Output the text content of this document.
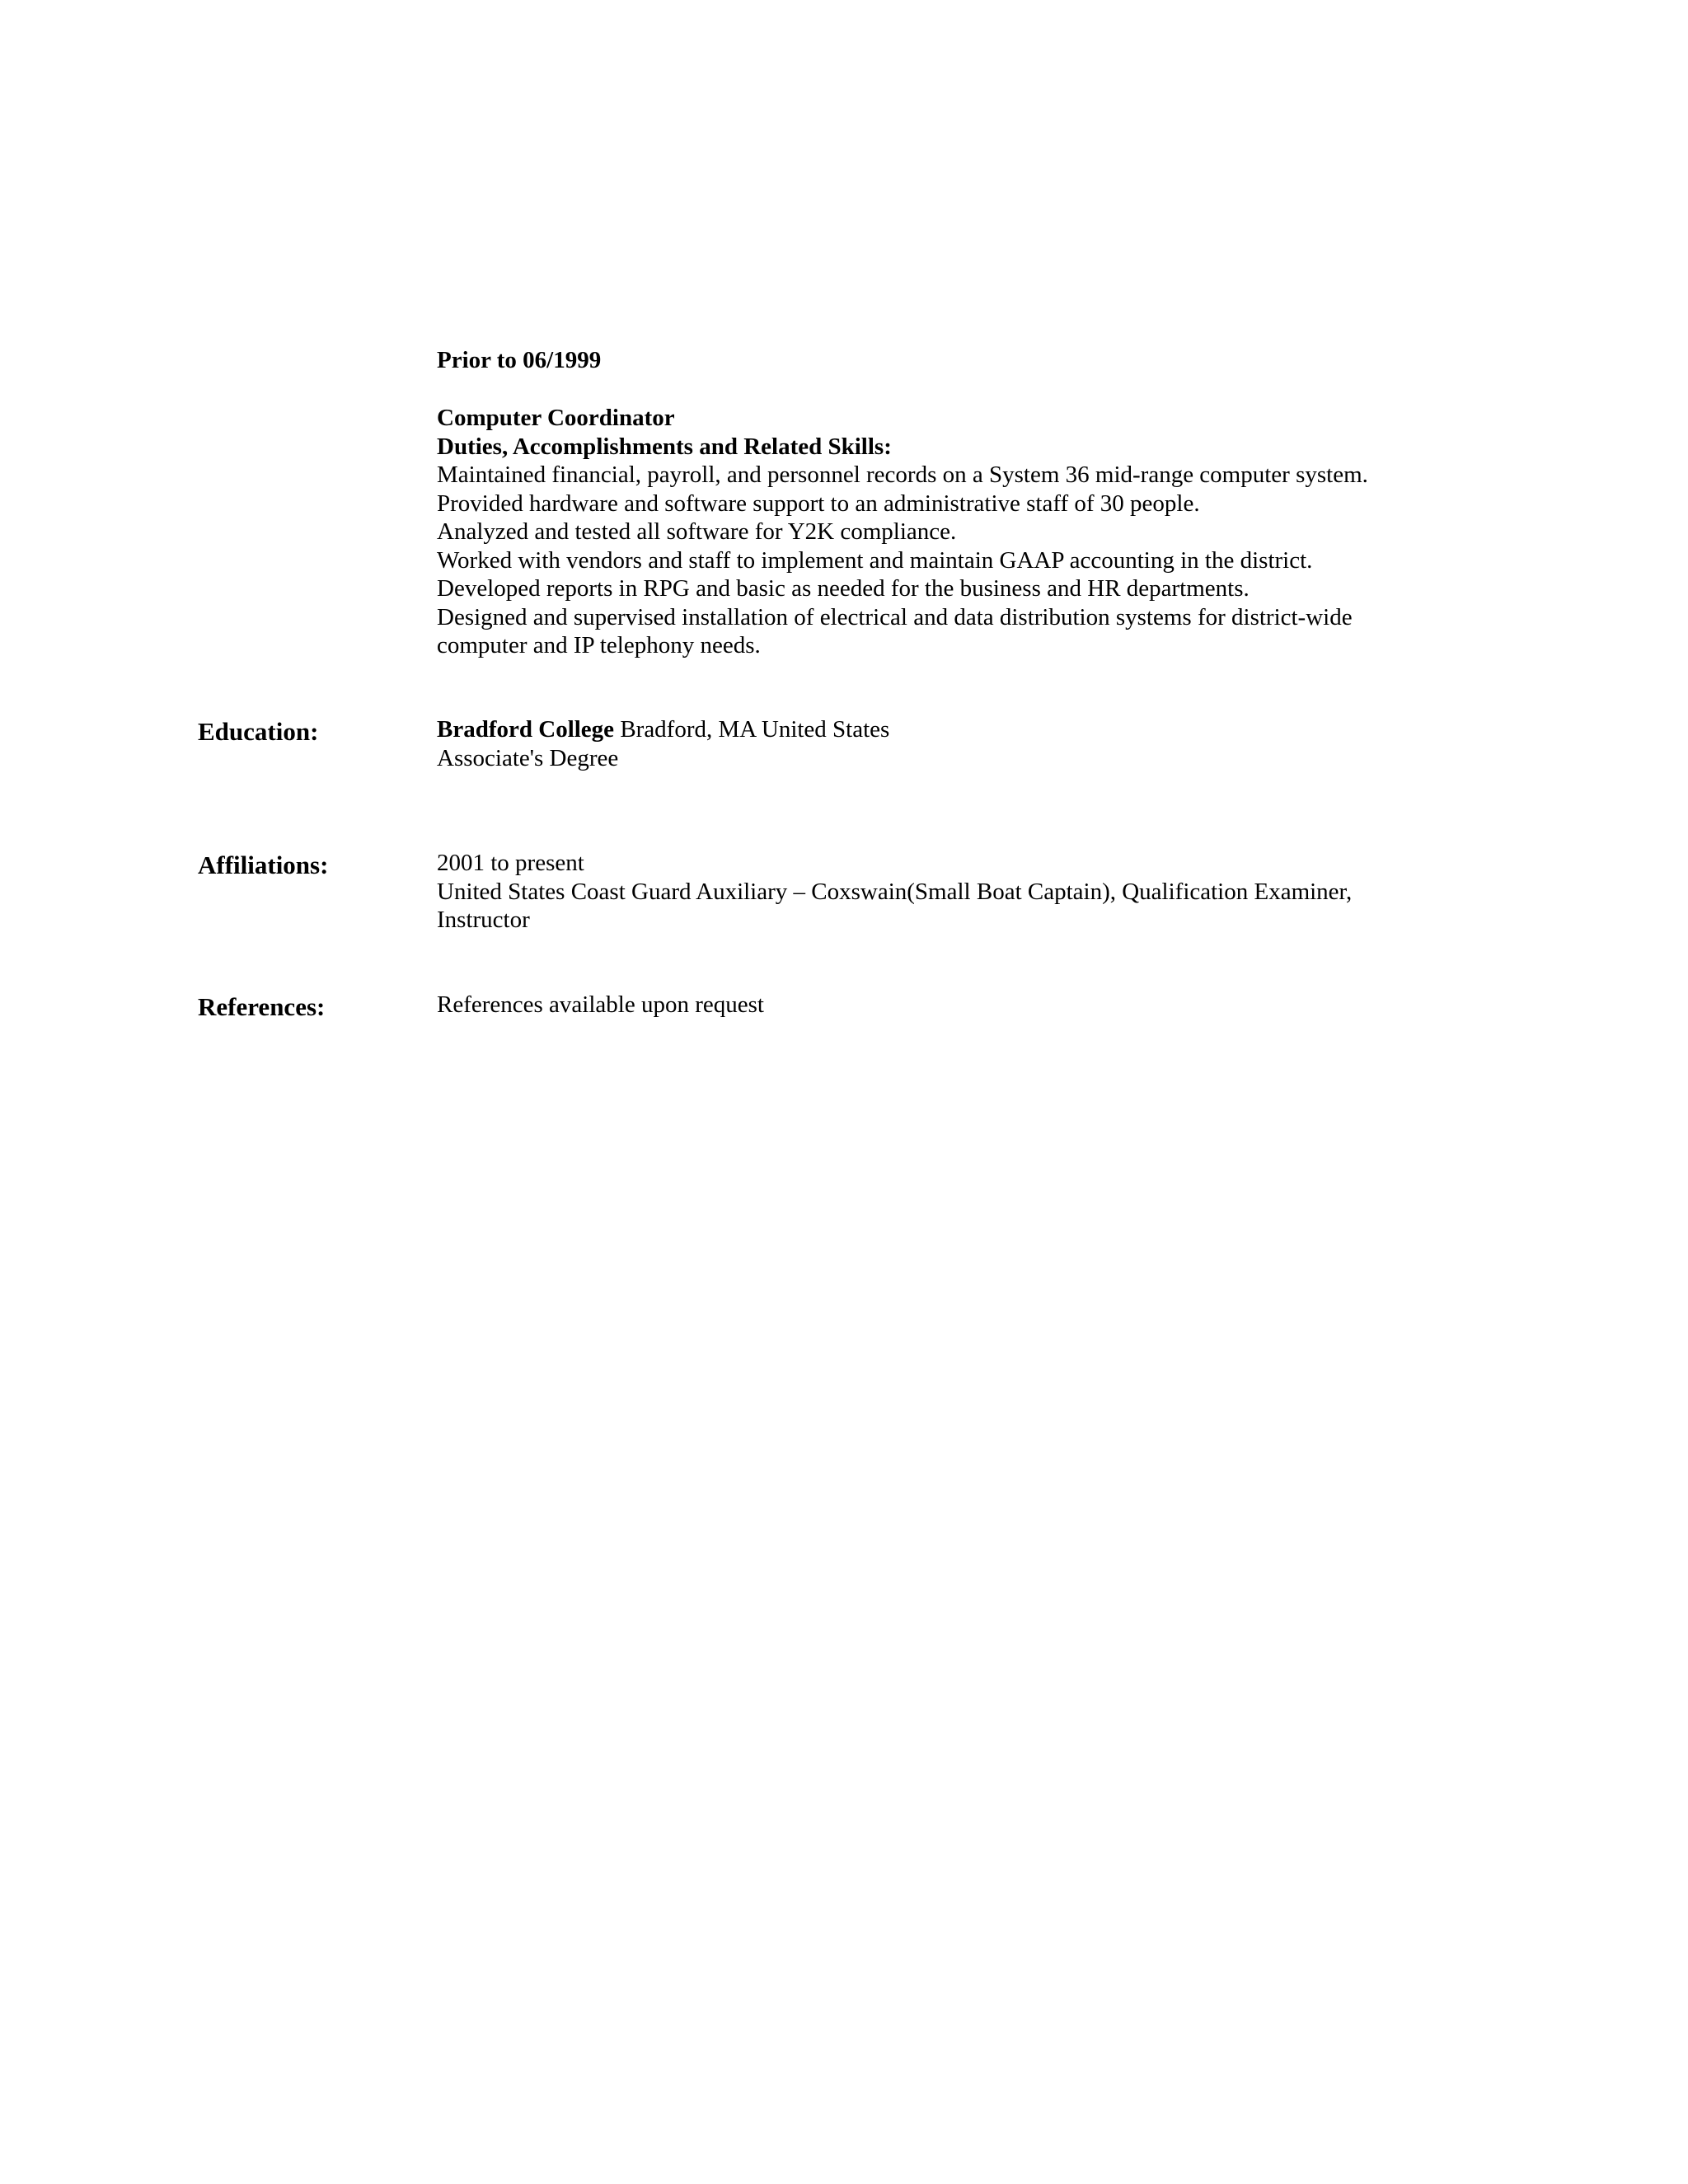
Prior to 06/1999
Computer Coordinator
Duties, Accomplishments and Related Skills:
Maintained financial, payroll, and personnel records on a System 36 mid-range computer system.
Provided hardware and software support to an administrative staff of 30 people.
Analyzed and tested all software for Y2K compliance.
Worked with vendors and staff to implement and maintain GAAP accounting in the district.
Developed reports in RPG and basic as needed for the business and HR departments.
Designed and supervised installation of electrical and data distribution systems for district-wide
computer and IP telephony needs.
Education:	Bradford College Bradford, MA United States
Associate's Degree
Affiliations:	2001 to present
United States Coast Guard Auxiliary – Coxswain(Small Boat Captain), Qualification Examiner,
Instructor
References:	References available upon request
